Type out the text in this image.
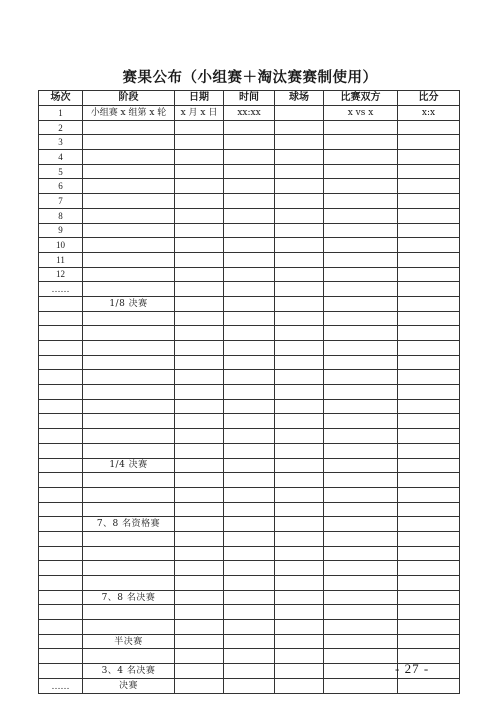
赛果公布（小组赛＋淘汰赛赛制使用）
场次	阶段	日期	时间	球场	比赛双方	比分
1	小组赛 x 组第 x 轮	x 月 x 日	xx:xx		x vs x	x:x
2						
3						
4						
5						
6						
7						
8						
9						
10						
11						
12						
……						
	1/8 决赛					

	1/4 决赛					

	7、8 名资格赛					

	7、8 名决赛					

	半决赛					

	3、4 名决赛					
……	决赛					
- 27 -
